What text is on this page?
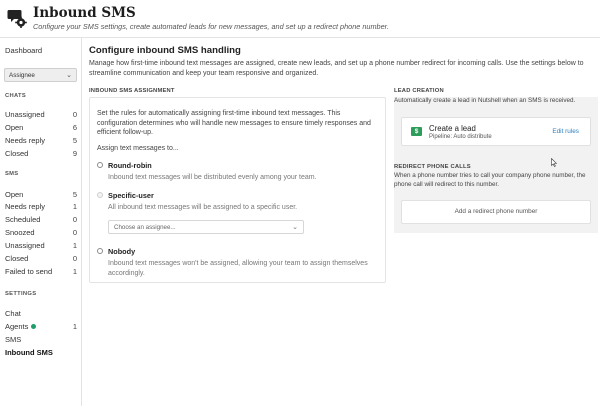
Inbound SMS
Configure your SMS settings, create automated leads for new messages, and set up a redirect phone number.
Dashboard
Assignee	⌄
CHATS
Unassigned	0
Open	6
Needs reply	5
Closed	9
SMS
Open	5
Needs reply	1
Scheduled	0
Snoozed	0
Unassigned	1
Closed	0
Failed to send	1
SETTINGS
Chat
Agents	1
SMS
Inbound SMS
Configure inbound SMS handling
Manage how first-time inbound text messages are assigned, create new leads, and set up a phone number redirect for incoming calls. Use the settings below to streamline communication and keep your team responsive and organized.
INBOUND SMS ASSIGNMENT
Set the rules for automatically assigning first-time inbound text messages. This configuration determines who will handle new messages to ensure timely responses and efficient follow-up.
Assign text messages to...
Round-robin
Inbound text messages will be distributed evenly among your team.
Specific-user
All inbound text messages will be assigned to a specific user.
Choose an assignee...	⌄
Nobody
Inbound text messages won't be assigned, allowing your team to assign themselves accordingly.
LEAD CREATION
Automatically create a lead in Nutshell when an SMS is received.
$	Create a lead
Pipeline: Auto distribute
Edit rules
REDIRECT PHONE CALLS
When a phone number tries to call your company phone number, the phone call will redirect to this number.
Add a redirect phone number
